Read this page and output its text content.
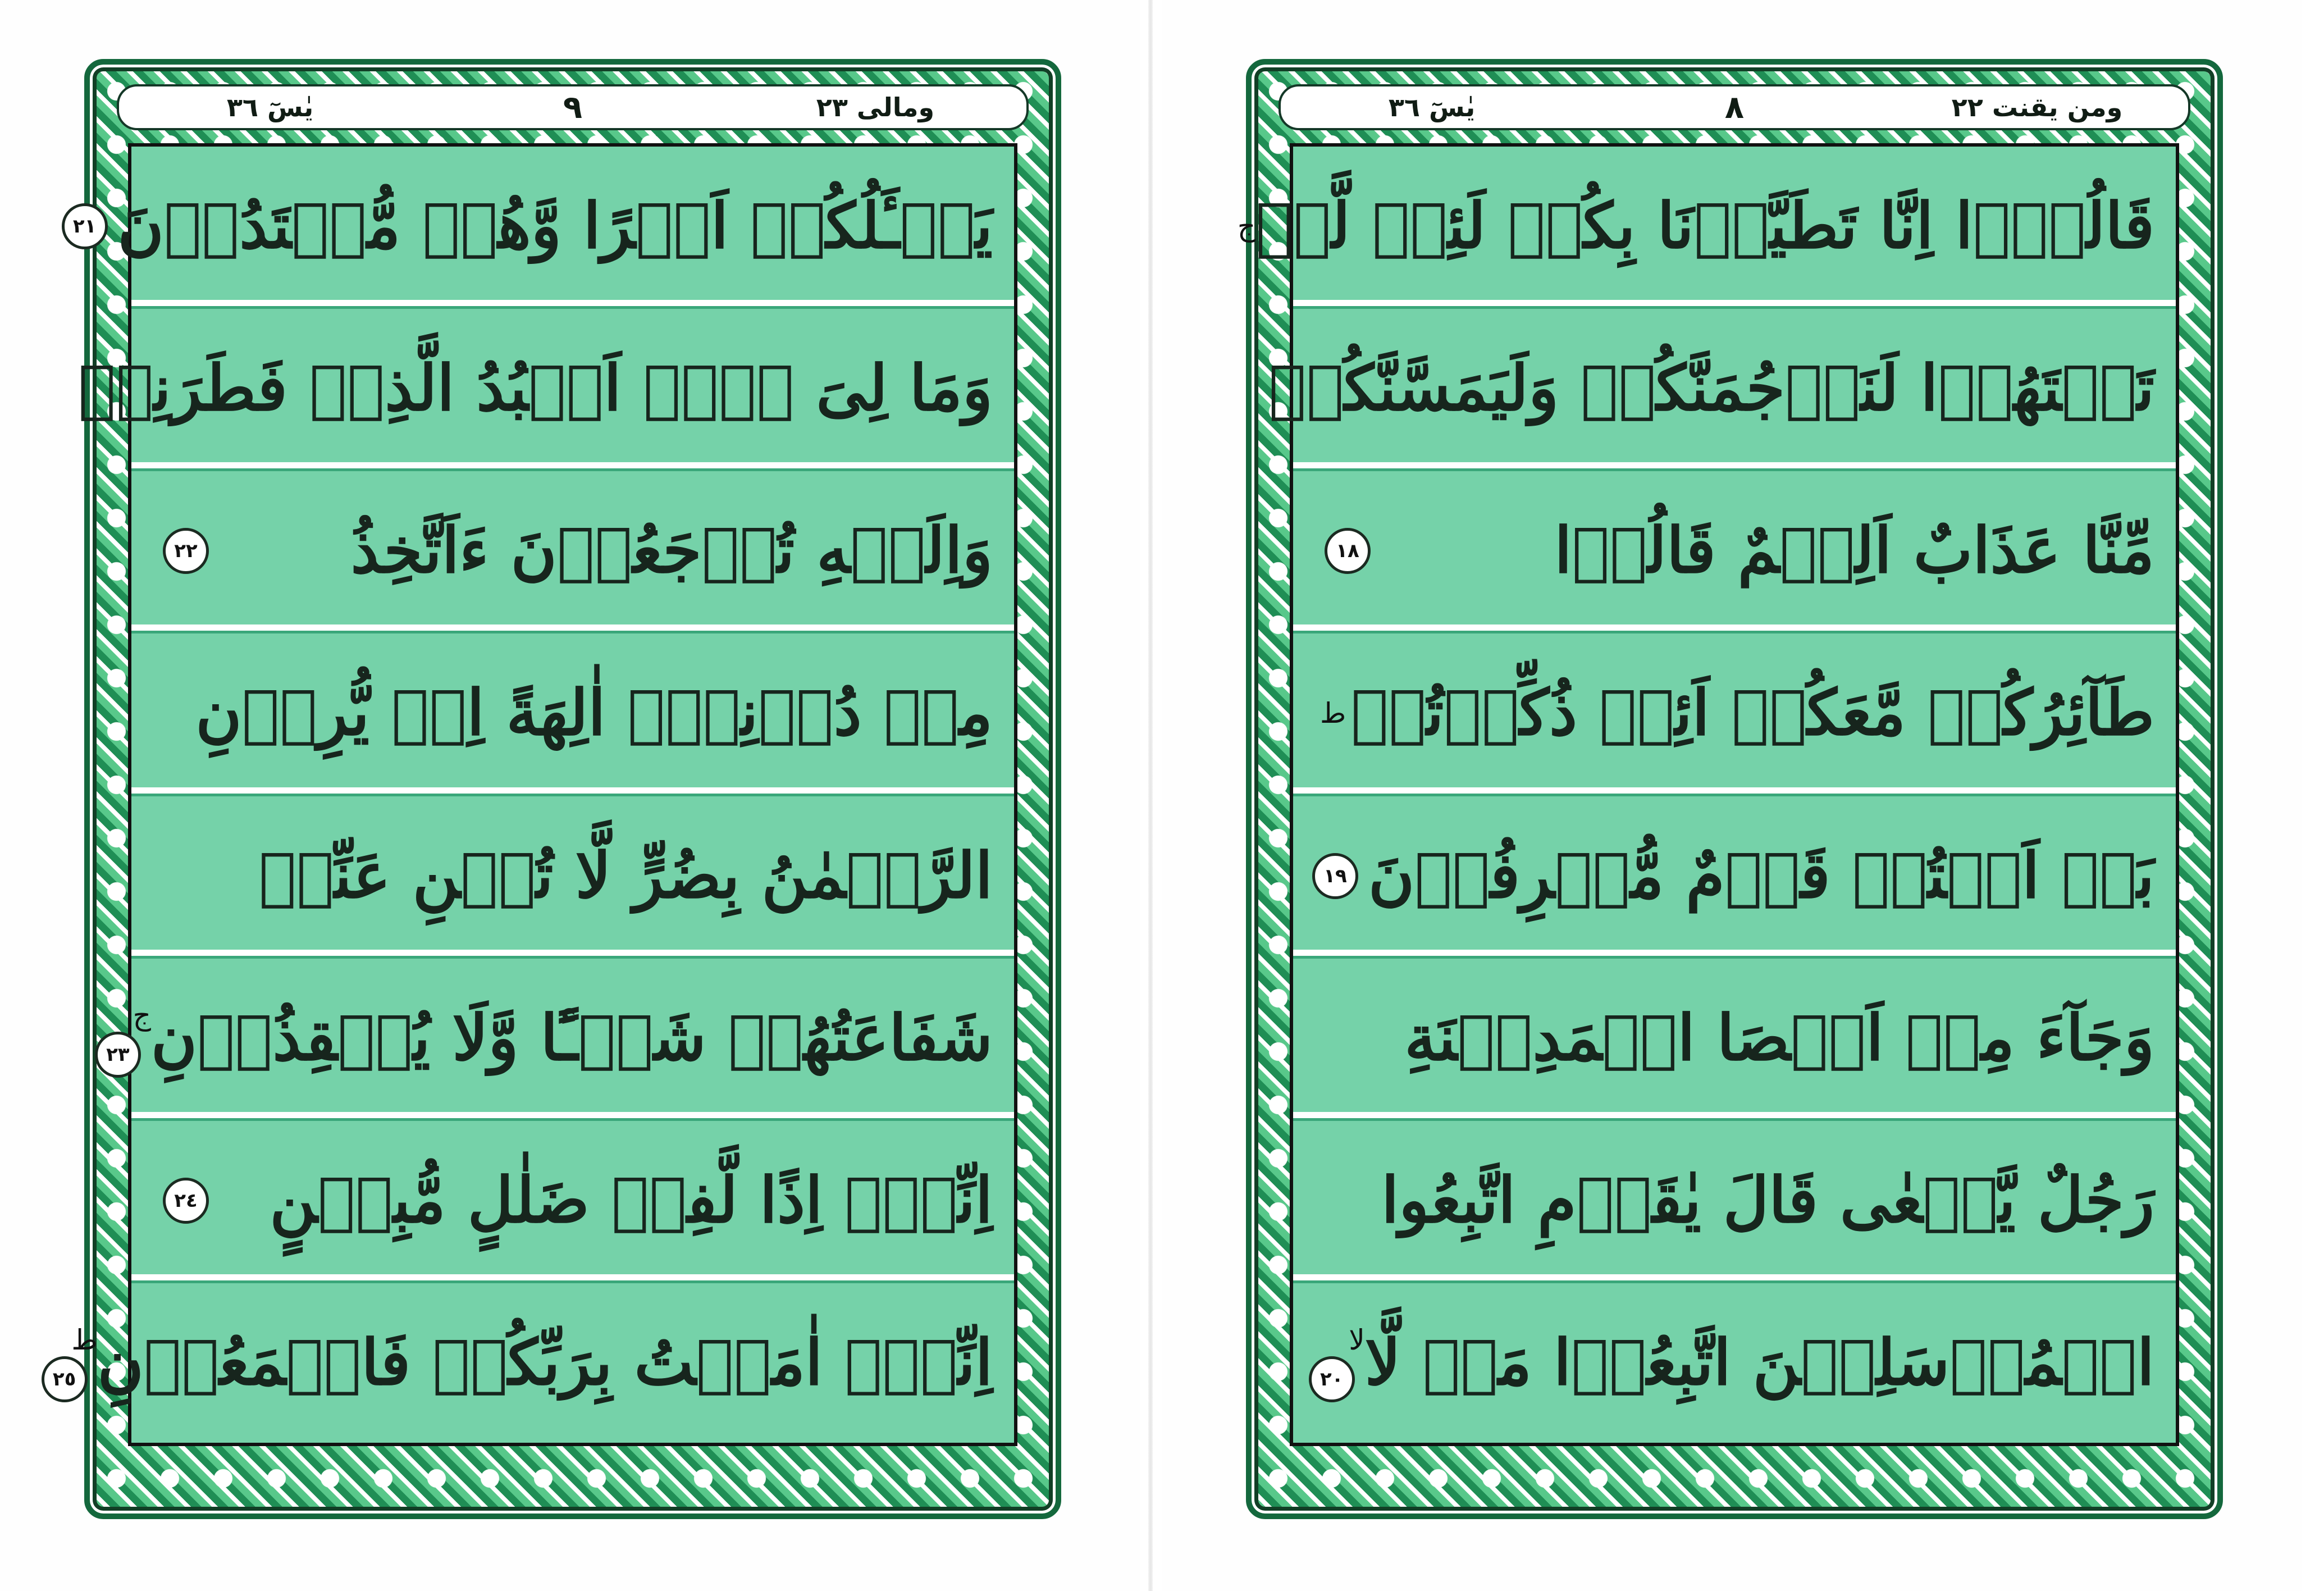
ومالی ٢٣
٩
يٰسٓ ٣٦
يَسۡـَٔلُكُمۡ اَجۡرًا وَّهُمۡ مُّهۡتَدُوۡنَ
٢١
وَمَا لِیَ لَاۤ اَعۡبُدُ الَّذِیۡ فَطَرَنِیۡ
وَاِلَیۡهِ تُرۡجَعُوۡنَ ءَاَتَّخِذُ
٢٢
مِنۡ دُوۡنِهٖۤ اٰلِهَةً اِنۡ يُّرِدۡنِ
الرَّحۡمٰنُ بِضُرٍّ لَّا تُغۡنِ عَنِّیۡ
شَفَاعَتُهُمۡ شَيۡـًٔا وَّلَا يُنۡقِذُوۡنِ
ج٢٣
اِنِّیۡۤ اِذًا لَّفِیۡ ضَلٰلٍ مُّبِيۡنٍ
٢٤
اِنِّیۡۤ اٰمَنۡتُ بِرَبِّكُمۡ فَاسۡمَعُوۡنِ
ط٢٥
ومن يقنت ٢٢
٨
يٰسٓ ٣٦
قَالُوۡۤا اِنَّا تَطَيَّرۡنَا بِكُمۡ لَئِنۡ لَّمۡ
ج
تَنۡتَهُوۡا لَنَرۡجُمَنَّكُمۡ وَلَيَمَسَّنَّكُمۡ
مِّنَّا عَذَابٌ اَلِيۡمٌ قَالُوۡا
١٨
طَآئِرُكُمۡ مَّعَكُمۡ اَئِنۡ ذُكِّرۡتُمۡ
ط
بَلۡ اَنۡتُمۡ قَوۡمٌ مُّسۡرِفُوۡنَ
١٩
وَجَآءَ مِنۡ اَقۡصَا الۡمَدِيۡنَةِ
رَجُلٌ يَّسۡعٰی قَالَ يٰقَوۡمِ اتَّبِعُوا
الۡمُرۡسَلِيۡنَ اتَّبِعُوۡا مَنۡ لَّا
لا٢٠
